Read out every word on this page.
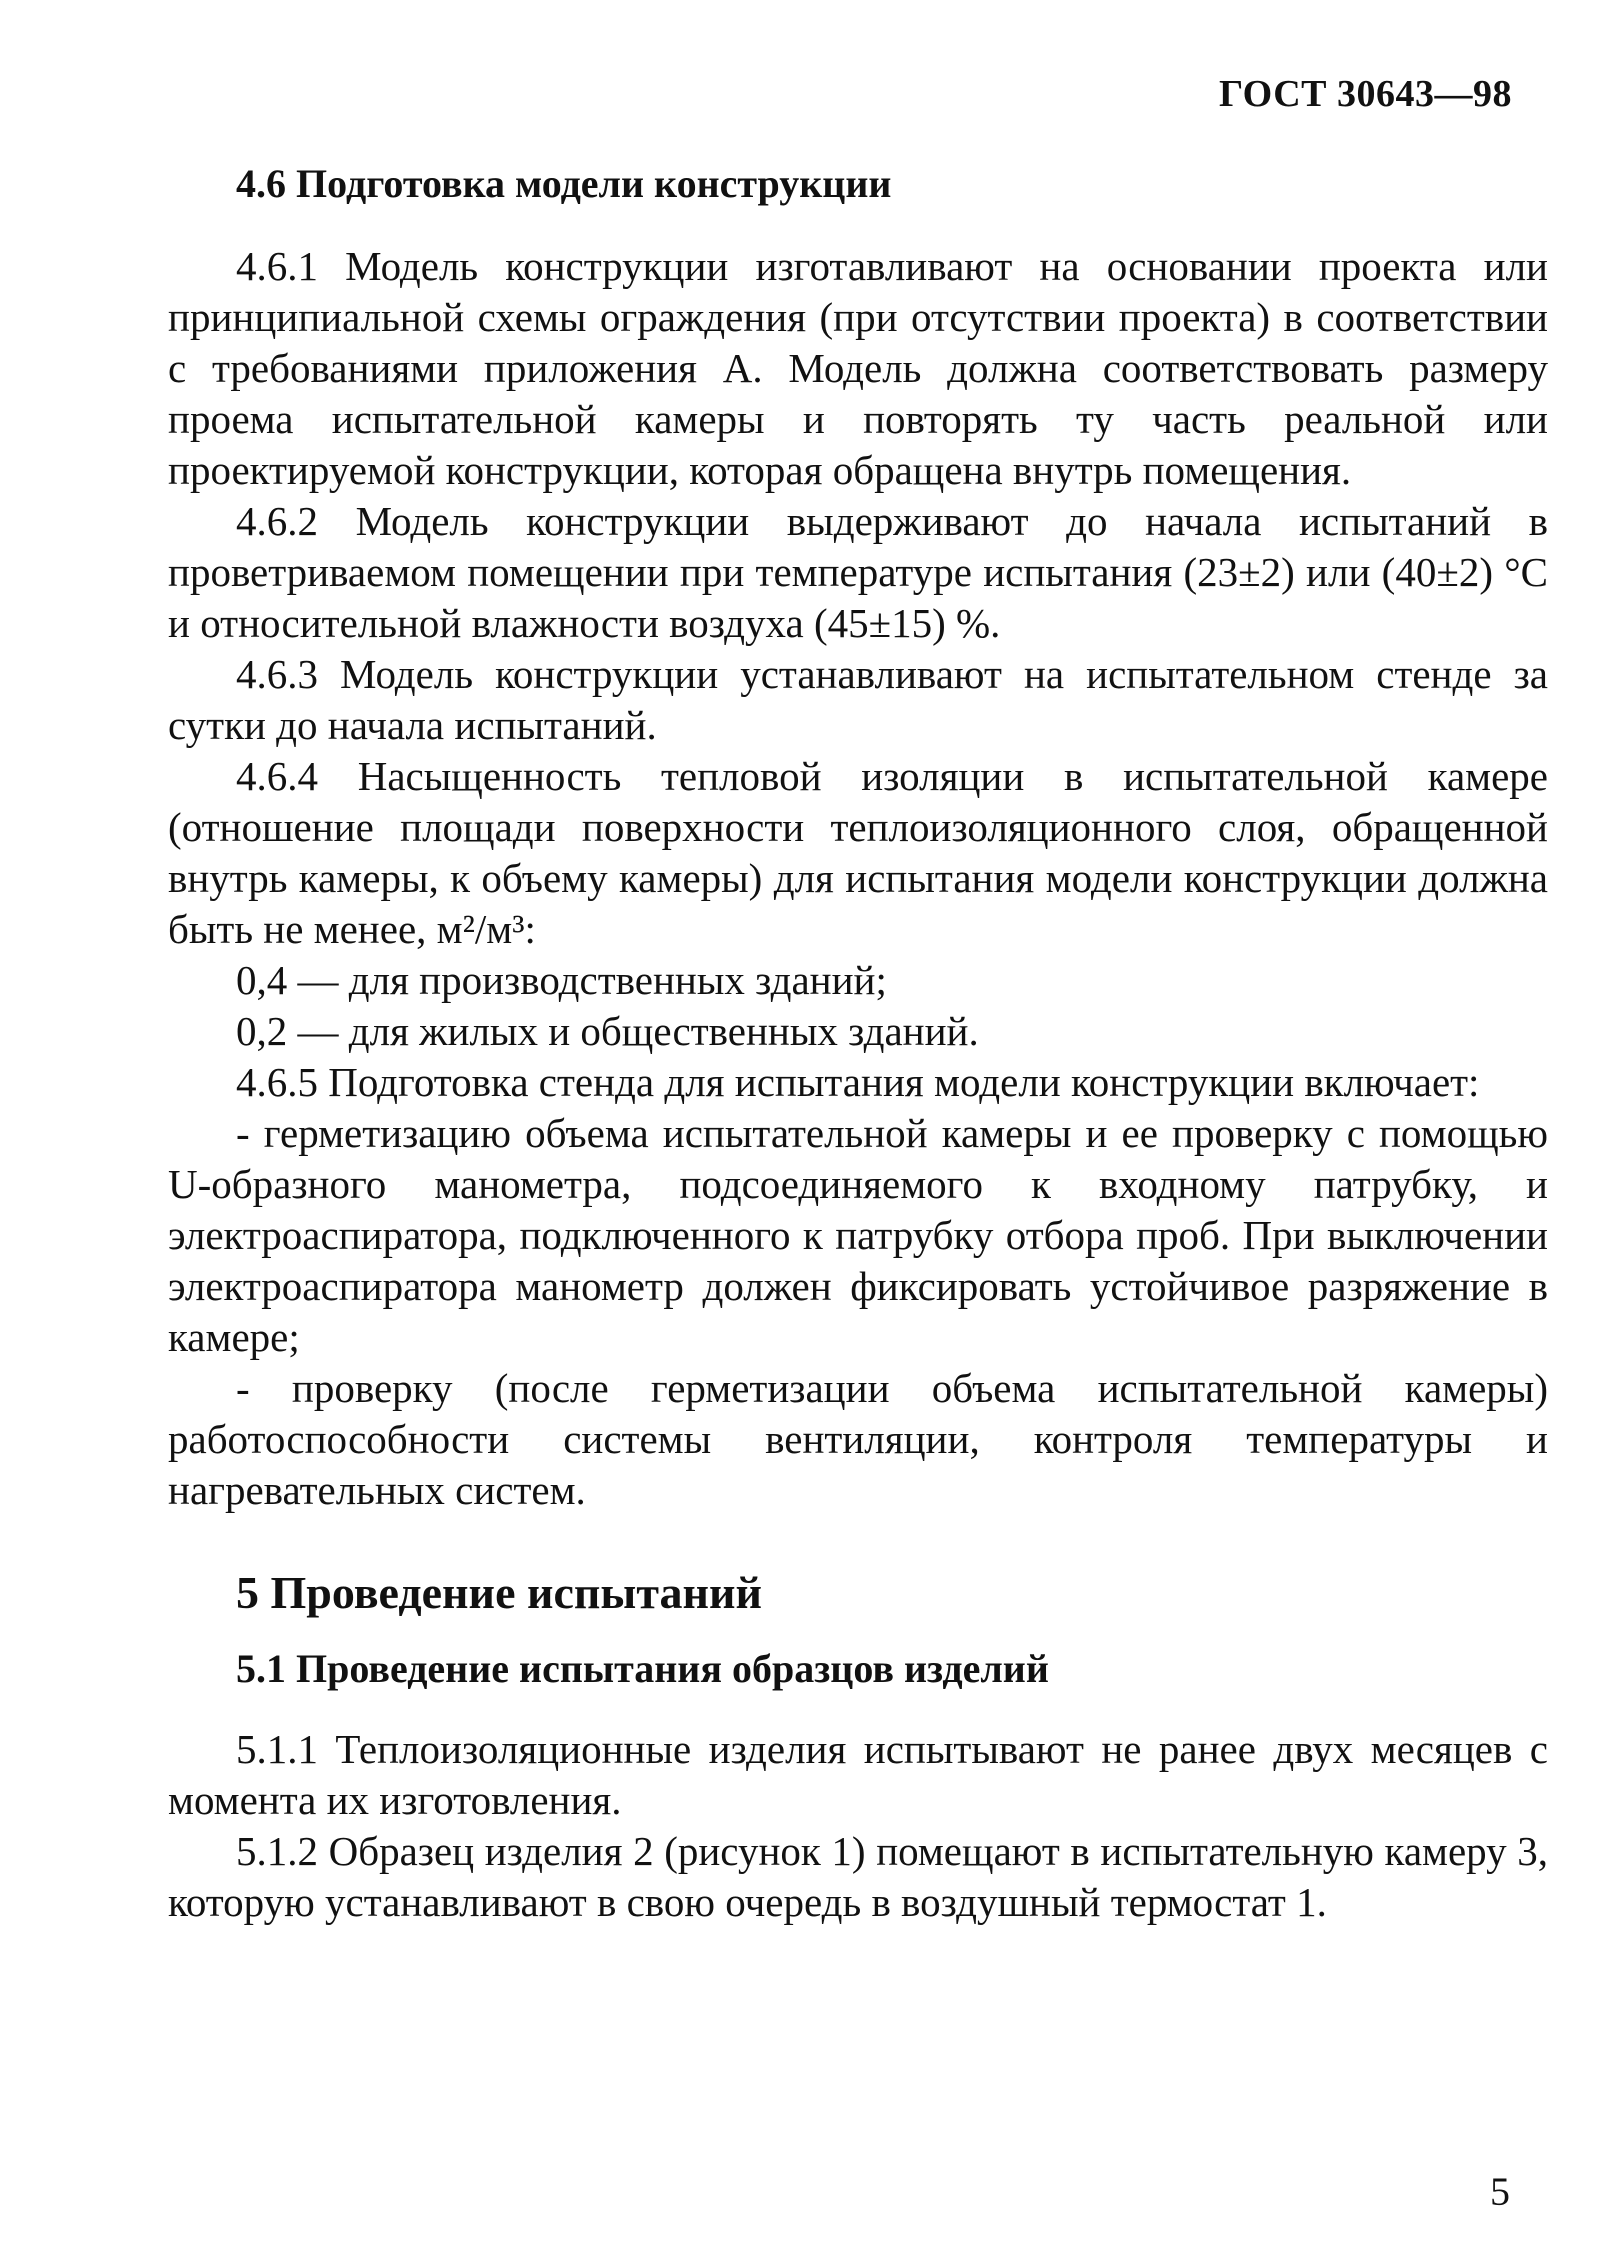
ГОСТ 30643—98
4.6 Подготовка модели конструкции

4.6.1 Модель конструкции изготавливают на основании проекта или принципиальной схемы ограждения (при отсутствии проекта) в соответствии с требованиями приложения А. Модель должна соответствовать размеру проема испытательной камеры и повторять ту часть реальной или проектируемой конструкции, которая обращена внутрь помещения.

4.6.2 Модель конструкции выдерживают до начала испытаний в проветриваемом помещении при температуре испытания (23±2) или (40±2) °С и относительной влажности воздуха (45±15) %.

4.6.3 Модель конструкции устанавливают на испытательном стенде за сутки до начала испытаний.

4.6.4 Насыщенность тепловой изоляции в испытательной камере (отношение площади поверхности теплоизоляционного слоя, обращенной внутрь камеры, к объему камеры) для испытания модели конструкции должна быть не менее, м²/м³:

0,4 — для производственных зданий;

0,2 — для жилых и общественных зданий.

4.6.5 Подготовка стенда для испытания модели конструкции включает:

- герметизацию объема испытательной камеры и ее проверку с помощью U-образного манометра, подсоединяемого к входному патрубку, и электроаспиратора, подключенного к патрубку отбора проб. При выключении электроаспиратора манометр должен фиксировать устойчивое разряжение в камере;

- проверку (после герметизации объема испытательной камеры) работоспособности системы вентиляции, контроля температуры и нагревательных систем.

5 Проведение испытаний
5.1 Проведение испытания образцов изделий

5.1.1 Теплоизоляционные изделия испытывают не ранее двух месяцев с момента их изготовления.

5.1.2 Образец изделия 2 (рисунок 1) помещают в испытательную камеру 3, которую устанавливают в свою очередь в воздушный термостат 1.

5
